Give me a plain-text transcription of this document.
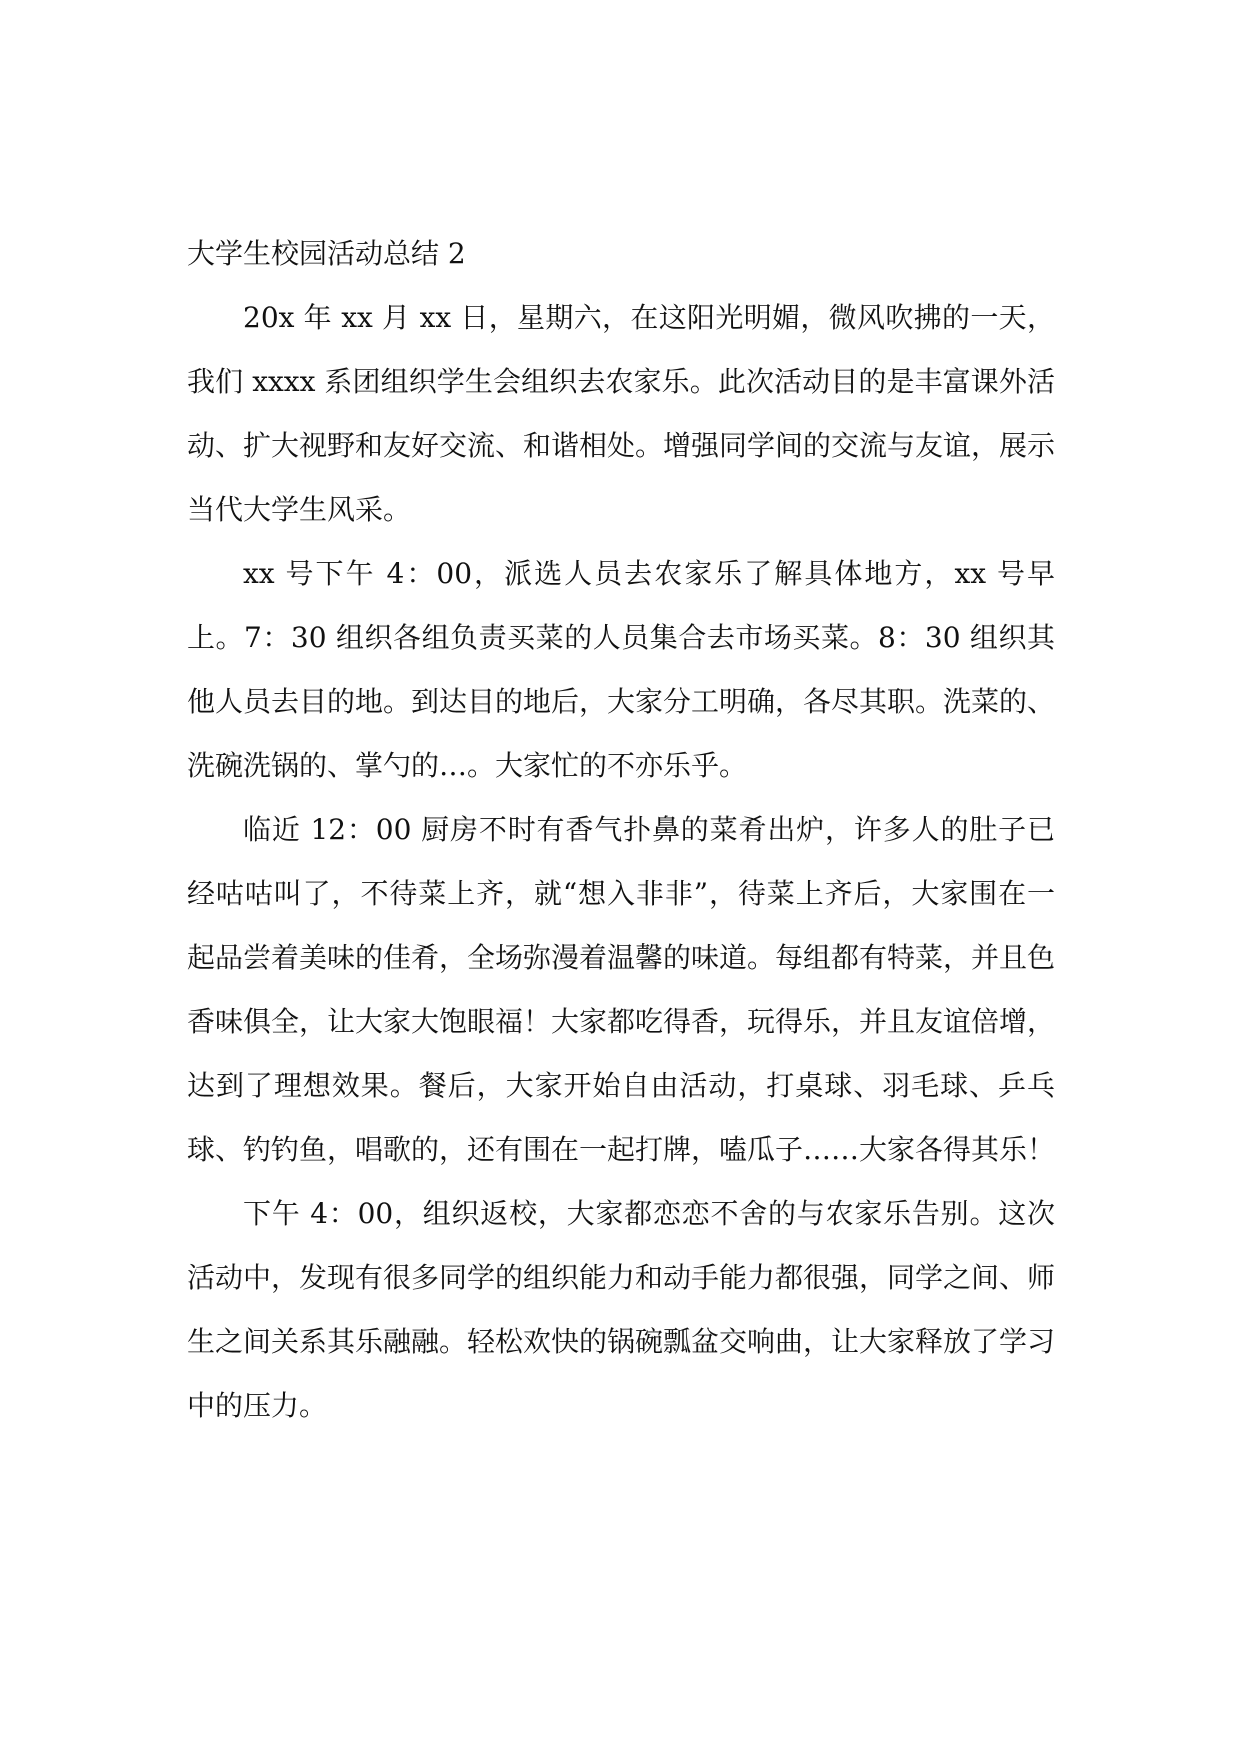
大学生校园活动总结 2

20x 年 xx 月 xx 日，星期六，在这阳光明媚，微风吹拂的一天，我们 xxxx 系团组织学生会组织去农家乐。此次活动目的是丰富课外活动、扩大视野和友好交流、和谐相处。增强同学间的交流与友谊，展示当代大学生风采。

xx 号下午 4：00，派选人员去农家乐了解具体地方，xx 号早上。7：30 组织各组负责买菜的人员集合去市场买菜。8：30 组织其他人员去目的地。到达目的地后，大家分工明确，各尽其职。洗菜的、洗碗洗锅的、掌勺的…。大家忙的不亦乐乎。

临近 12：00 厨房不时有香气扑鼻的菜肴出炉，许多人的肚子已经咕咕叫了，不待菜上齐，就“想入非非”，待菜上齐后，大家围在一起品尝着美味的佳肴，全场弥漫着温馨的味道。每组都有特菜，并且色香味俱全，让大家大饱眼福！大家都吃得香，玩得乐，并且友谊倍增，达到了理想效果。餐后，大家开始自由活动，打桌球、羽毛球、乒乓球、钓钓鱼，唱歌的，还有围在一起打牌，嗑瓜子……大家各得其乐！

下午 4：00，组织返校，大家都恋恋不舍的与农家乐告别。这次活动中，发现有很多同学的组织能力和动手能力都很强，同学之间、师生之间关系其乐融融。轻松欢快的锅碗瓢盆交响曲，让大家释放了学习中的压力。
